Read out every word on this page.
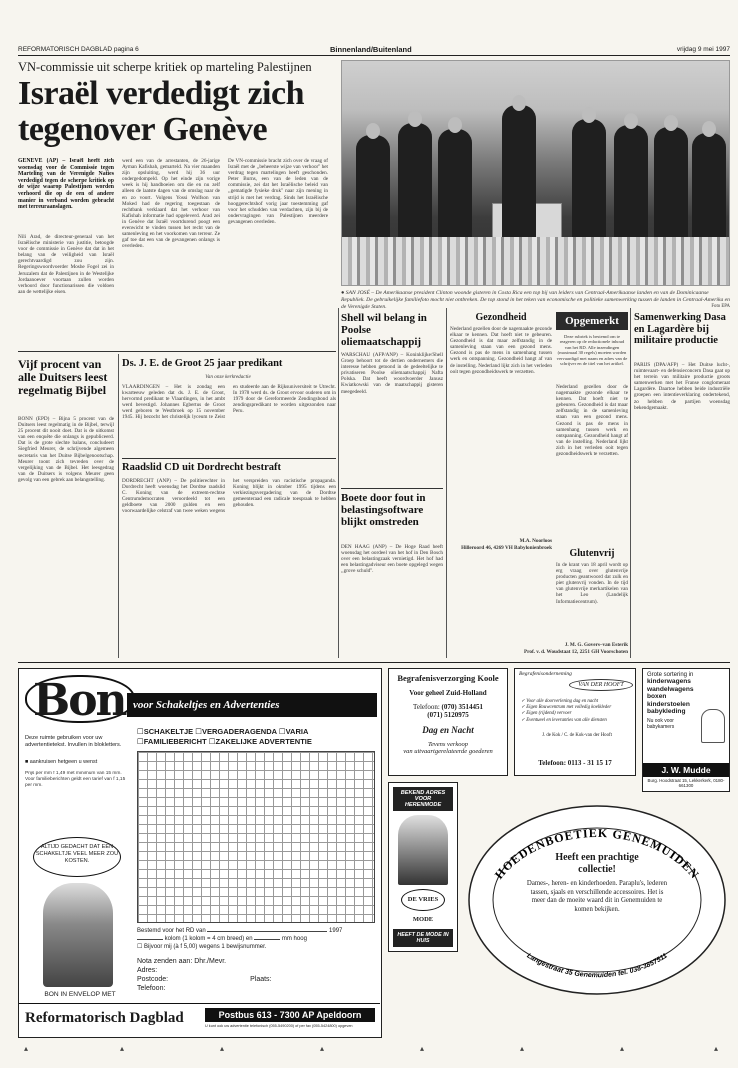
REFORMATORISCH DAGBLAD pagina 6	Binnenland/Buitenland	vrijdag 9 mei 1997
VN-commissie uit scherpe kritiek op marteling Palestijnen
Israël verdedigt zich tegenover Genève
GENÈVE (AP) – Israël heeft zich woensdag voor de Commissie tegen Marteling van de Verenigde Naties verdedigd tegen de scherpe kritiek op de wijze waarop Palestijnen worden verhoord die op de een of andere manier in verband worden gebracht met terreuraanslagen.
Nili Arad, de directeur-generaal van het Israëlische ministerie van justitie, betoogde voor de commissie in Genève dat dat in het belang van de veiligheid van Israël gerechtvaardigd zou zijn. Regeringswoordvoerder Moshe Fogel zei in Jeruzalem dat de Palestijnen in de Westelijke Jordaanoever voortaan zullen worden verhoord door functionarissen die voldoen aan de wettelijke eisen.
werd een van de arrestanten, de 26-jarige Ayman Kafishah, gemarteld. Na vier maanden zijn opsluiting, werd hij 36 uur ondergedompeld. Op het einde zijn vorige week is hij handboeien om die en nu zelf alleen de laatste dagen van de omslag naar de en zo voort. Volgens Yossi Wolfson van Moked had de regering toegestaan de rechtbank verklaard dat het verhoor van Kafishah informatie had opgeleverd. Arad zei in Genève dat Israël voortdurend poogt een evenwicht te vinden tussen het recht van de samenleving en het voorkomen van terreur. Ze gaf toe dat een van de gevangenen onlangs is overleden.
De VN-commissie bracht zich over de vraag of Israël met de ,,beheerste wijze van verhoor'' het verdrag tegen martelingen heeft geschonden. Peter Burns, een van de leden van de commissie, zei dat het Israëlische beleid van ,,gematigde fysieke druk'' naar zijn mening in strijd is met het verdrag. Sinds het Israëlische hooggerechtshof vorig jaar toestemming gaf voor het schudden van verdachten, zijn bij de ondervragingen van Palestijnen meerdere gevangenen overleden.
● SAN JOSÉ – De Amerikaanse president Clinton woonde gisteren in Costa Rica een top bij van leiders van Centraal-Amerikaanse landen en van de Dominicaanse Republiek. De gebruikelijke familiefoto mocht niet ontbreken. De top stond in het teken van economische en politieke samenwerking tussen de landen in Centraal-Amerika en de Verenigde Staten.	Foto EPA
Vijf procent van alle Duitsers leest regelmatig Bijbel
BONN (EPD) – Bijna 5 procent van de Duitsers leest regelmatig in de Bijbel, terwijl 25 procent dit nooit doet. Dat is de uitkomst van een enquête die onlangs is gepubliceerd. Dat is de grote slechte balans, concludeert Siegfried Meurer, de schrijvende algemeen secretaris van het Duitse Bijbelgenootschap. Meurer toont zich tevreden over de vergelijking van de Bijbel. Het leesgedrag van de Duitsers is volgens Meurer geen gevolg van een gebrek aan belangstelling.
Ds. J. E. de Groot 25 jaar predikant
Van onze kerkredactie
VLAARDINGEN – Het is zondag een kwarteeuw geleden dat ds. J. E. de Groot, hervormd predikant te Vlaardingen, in het ambt werd bevestigd. Johannes Egbertus de Groot werd geboren te Westbroek op 15 november 1945. Hij bezocht het christelijk lyceum te Zeist en studeerde aan de Rijksuniversiteit te Utrecht. In 1978 werd ds. de Groot ervoor ouderen om in 1979 door de Gereformeerde Zendingsbond als zendingspredikant te worden uitgezonden naar Peru.
Raadslid CD uit Dordrecht bestraft
DORDRECHT (ANP) – De politierechter in Dordrecht heeft woensdag het Dordtse raadslid C. Koning van de extreem-rechtse Centrumdemocraten veroordeeld tot een geldboete van 2000 gulden en een voorwaardelijke celstraf van twee weken wegens het verspreiden van racistische propaganda. Koning blijkt in oktober 1995 tijdens een verkiezingsvergadering van de Dordtse gemeenteraad een radicale toespraak te hebben gehouden.
Shell wil belang in Poolse oliemaatschappij
WARSCHAU (AFP/ANP) – Koninklijke/Shell Groep behoort tot de dertien ondernemers die interesse hebben getoond in de gedeeltelijke te privatiseren Poolse oliemaatschappij Nafta Polska. Dat heeft woordvoerder Janusz Kwiatkowski van de maatschappij gisteren meegedeeld.
Boete door fout in belastingsoftware blijkt omstreden
DEN HAAG (ANP) – De Hoge Raad heeft woensdag het oordeel van het hof in Den Bosch over een belastingzaak vernietigd. Het hof had een belastingadviseur een boete opgelegd wegen ,,grove schuld''.
Gezondheid
Nederland gezellen door de nagemaakte gezonde elkaar te kennen. Dat hoeft niet te gebeuren. Gezondheid is dat maar zelfstandig in de samenleving staan van een gezond mens. Gezond is pas de mens in samenhang tussen werk en ontspanning. Gezondheid hangt af van de instelling. Nederland lijkt zich in het verleden ooit tegen gezondheidswerk te verzetten.
M.A. Noorloos
Hilleroord 46, 4269 VH Babylonienbroek
Opgemerkt
Deze rubriek is bestemd om te reageren op de redactionele inhoud van het RD. Alle inzendingen (maximaal 30 regels) moeten worden vervaardigd met naam en adres van de schrijver en de titel van het artikel.
Nederland gezellen door de nagemaakte gezonde elkaar te kennen. Dat hoeft niet te gebeuren. Gezondheid is dat maar zelfstandig in de samenleving staan van een gezond mens. Gezond is pas de mens in samenhang tussen werk en ontspanning. Gezondheid hangt af van de instelling. Nederland lijkt zich in het verleden ooit tegen gezondheidswerk te verzetten.
Glutenvrij
In de krant van 18 april wordt op erg vraag over glutenvrije producten geantwoord dat zulk en piet glutenvrij vonden. In de tijd van glutenvrije merkartikelen van het Leo (Landelijk Informatiecentrum).
J. M. G. Govers–van Esterik
Prof. v. d. Woudstaat 12, 2251 GH Voorschoten
Samenwerking Dasa en Lagardère bij militaire productie
PARIJS (DPA/AFP) – Het Duitse lucht-, ruimtevaart- en defensieconcern Dasa gaat op het terrein van militaire productie groots samenwerken met het Franse conglomeraat Lagardère. Daartoe hebben beide industriële groepen een intentieverklaring ondertekend, zo hebben de partijen woensdag bekendgemaakt.
Bon voor Schakeltjes en Advertenties
Deze ruimte gebruiken voor uw advertentietekst. Invullen in blokletters.
■ aankruisen hetgeen u wenst
Prijs per mm f 1,49 met minimum van 15 mm. Voor familieberichten geldt een tarief van f 1,15 per mm.
ALTIJD GEDACHT DAT EEN SCHAKELTJE VEEL MEER ZOU KOSTEN.
BON IN ENVELOP MET
☐SCHAKELTJE ☐VERGADERAGENDA ☐VARIA
☐FAMILIEBERICHT ☐ZAKELIJKE ADVERTENTIE
Bestemd voor het RD van	1997
kolom (1 kolom = 4 cm breed) en	mm hoog
☐ Bijvoor mij (à f 5,00) wegens 1 bewijsnummer.
Nota zenden aan: Dhr./Mevr.
Adres:
Postcode:	Plaats:
Telefoon:
Reformatorisch Dagblad	Postbus 613 - 7300 AP Apeldoorn
U kunt ook uw advertentie telefonisch (055-5490200) of per fax (055-5424800) opgeven
Begrafenisverzorging Koole
Voor geheel Zuid-Holland
Telefoon: (070) 3514451
(071) 5120975
Dag en Nacht
Tevens verkoop
van uitvaartgerelateerde goederen
Begrafenisonderneming
VAN DER HOOFT
✓ Voor alle doorverlening dag en nacht
✓ Eigen Rouwcentrum met volledig koelkleder
✓ Eigen (rijdend) vervoer
✓ Eventueel en leveranties van alle diensten
J. de Kok / C. de Kok-van der Hooft
Telefoon: 0113 - 31 15 17
Grote sortering in
kinderwagens wandelwagens boxen kinderstoelen babykleding
Nu ook voor babykamers
J. W. Mudde
Burg. Hoodstraat 15, Lekkerkerk, 0180-661300
BEKEND ADRES VOOR HERENMODE
DE VRIES MODE
HEEFT DE MODE IN HUIS
HOEDENBOETIEK GENEMUIDEN
Langestraat 35 Genemuiden tel. 038-3857511
Heeft een prachtige
collectie!
Dames-, heren- en kinderhoeden. Paraplu's, lederen tassen, sjaals en verschillende accessoires. Het is meer dan de moeite waard dit in Genemuiden te komen bekijken.
▴	▴	▴	▴	▴	▴	▴	▴
